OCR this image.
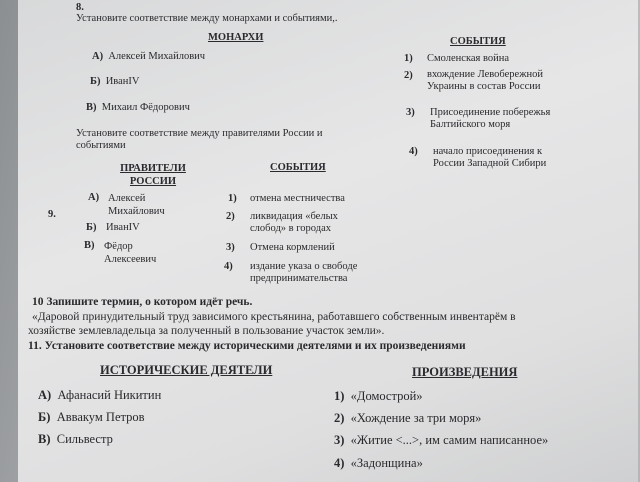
8.
Установите соответствие между монархами и событиями,.
МОНАРХИ	СОБЫТИЯ
А) Алексей Михайлович
Б) ИванIV
В) Михаил Фёдорович
1) Смоленская война
2) вхождение Левобережной Украины в состав России
3) Присоединение побережья Балтийского моря
4) начало присоединения к России Западной Сибири
Установите соответствие между правителями России и событиями
9.
ПРАВИТЕЛИ РОССИИ
СОБЫТИЯ
А) Алексей Михайлович
Б) ИванIV
В) Фёдор Алексеевич
1) отмена местничества
2) ликвидация «белых слобод» в городах
3) Отмена кормлений
4) издание указа о свободе предпринимательства
10 Запишите термин, о котором идёт речь.
«Даровой принудительный труд зависимого крестьянина, работавшего собственным инвентарём в
хозяйстве землевладельца за полученный в пользование участок земли».
11. Установите соответствие между историческими деятелями и их произведениями
ИСТОРИЧЕСКИЕ ДЕЯТЕЛИ	ПРОИЗВЕДЕНИЯ
А) Афанасий Никитин
Б) Аввакум Петров
В) Сильвестр
1) «Домострой»
2) «Хождение за три моря»
3) «Житие <...>, им самим написанное»
4) «Задонщина»
